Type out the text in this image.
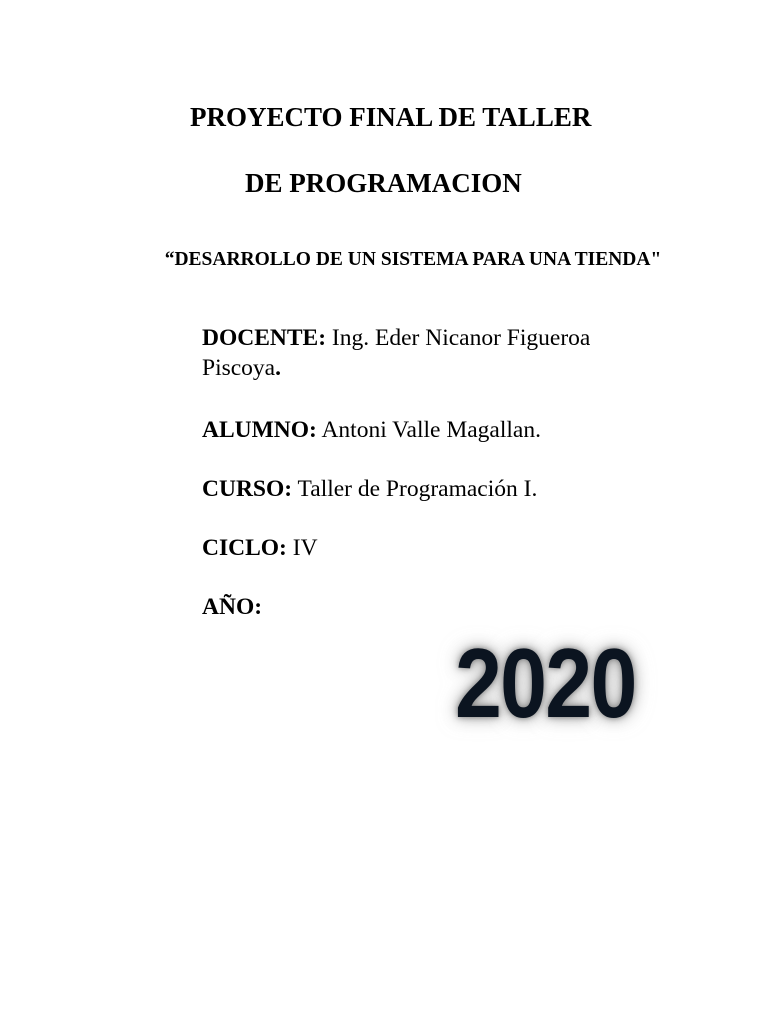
PROYECTO FINAL DE TALLER
DE PROGRAMACION
“DESARROLLO DE UN SISTEMA PARA UNA TIENDA"
DOCENTE: Ing. Eder Nicanor Figueroa Piscoya.
ALUMNO: Antoni Valle Magallan.
CURSO: Taller de Programación I.
CICLO: IV
AÑO:
2020
